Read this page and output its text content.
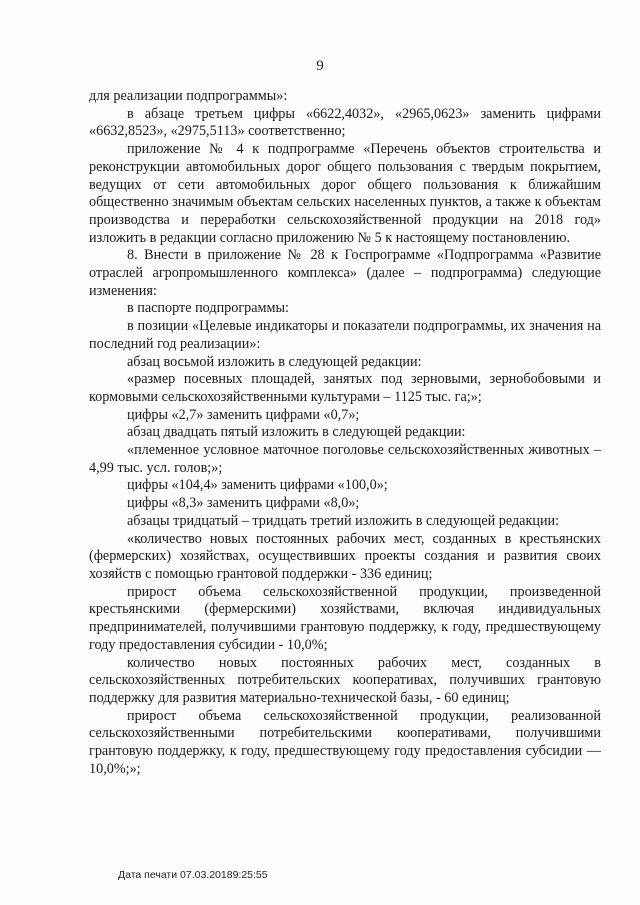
9

для реализации подпрограммы»:

в абзаце третьем цифры «6622,4032», «2965,0623» заменить цифрами «6632,8523», «2975,5113» соответственно;

приложение № 4 к подпрограмме «Перечень объектов строительства и реконструкции автомобильных дорог общего пользования с твердым покрытием, ведущих от сети автомобильных дорог общего пользования к ближайшим общественно значимым объектам сельских населенных пунктов, а также к объектам производства и переработки сельскохозяйственной продукции на 2018 год» изложить в редакции согласно приложению № 5 к настоящему постановлению.

8. Внести в приложение № 28 к Госпрограмме «Подпрограмма «Развитие отраслей агропромышленного комплекса» (далее – подпрограмма) следующие изменения:

в паспорте подпрограммы:

в позиции «Целевые индикаторы и показатели подпрограммы, их значения на последний год реализации»:

абзац восьмой изложить в следующей редакции:

«размер посевных площадей, занятых под зерновыми, зернобобовыми и кормовыми сельскохозяйственными культурами – 1125 тыс. га;»;

цифры «2,7» заменить цифрами «0,7»;

абзац двадцать пятый изложить в следующей редакции:

«племенное условное маточное поголовье сельскохозяйственных животных – 4,99 тыс. усл. голов;»;

цифры «104,4» заменить цифрами «100,0»;

цифры «8,3» заменить цифрами «8,0»;

абзацы тридцатый – тридцать третий изложить в следующей редакции:

«количество новых постоянных рабочих мест, созданных в крестьянских (фермерских) хозяйствах, осуществивших проекты создания и развития своих хозяйств с помощью грантовой поддержки - 336 единиц;

прирост объема сельскохозяйственной продукции, произведенной крестьянскими (фермерскими) хозяйствами, включая индивидуальных предпринимателей, получившими грантовую поддержку, к году, предшествующему году предоставления субсидии - 10,0%;

количество новых постоянных рабочих мест, созданных в сельскохозяйственных потребительских кооперативах, получивших грантовую поддержку для развития материально-технической базы, - 60 единиц;

прирост объема сельскохозяйственной продукции, реализованной сельскохозяйственными потребительскими кооперативами, получившими грантовую поддержку, к году, предшествующему году предоставления субсидии — 10,0%;»;

Дата печати 07.03.20189:25:55
